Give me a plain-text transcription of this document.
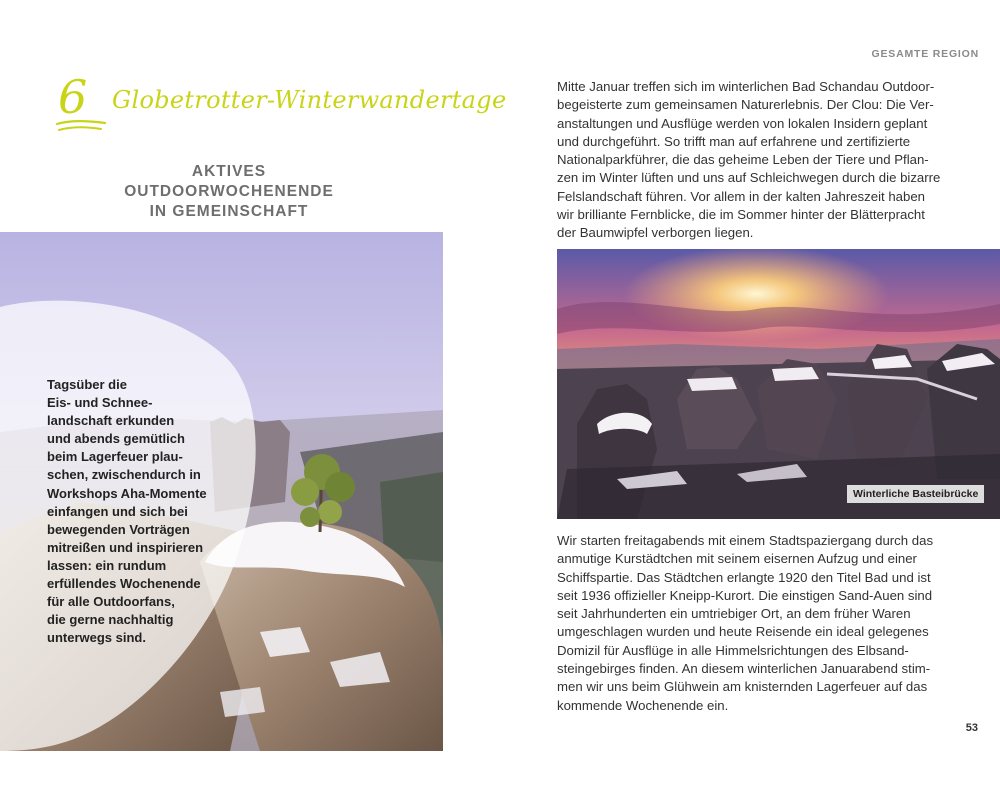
6 Globetrotter-Winterwandertage
AKTIVES OUTDOORWOCHENENDE
IN GEMEINSCHAFT
Tagsüber die
Eis- und Schnee-
landschaft erkunden
und abends gemütlich
beim Lagerfeuer plau-
schen, zwischendurch in
Workshops Aha-Momente
einfangen und sich bei
bewegenden Vorträgen
mitreißen und inspirieren
lassen: ein rundum
erfüllendes Wochenende
für alle Outdoorfans,
die gerne nachhaltig
unterwegs sind.
GESAMTE REGION
Mitte Januar treffen sich im winterlichen Bad Schandau Outdoor-
begeisterte zum gemeinsamen Naturerlebnis. Der Clou: Die Ver-
anstaltungen und Ausflüge werden von lokalen Insidern geplant
und durchgeführt. So trifft man auf erfahrene und zertifizierte
Nationalparkführer, die das geheime Leben der Tiere und Pflan-
zen im Winter lüften und uns auf Schleichwegen durch die bizarre
Felslandschaft führen. Vor allem in der kalten Jahreszeit haben
wir brilliante Fernblicke, die im Sommer hinter der Blätterpracht
der Baumwipfel verborgen liegen.
Winterliche Basteibrücke
Wir starten freitagabends mit einem Stadtspaziergang durch das
anmutige Kurstädtchen mit seinem eisernen Aufzug und einer
Schiffspartie. Das Städtchen erlangte 1920 den Titel Bad und ist
seit 1936 offizieller Kneipp-Kurort. Die einstigen Sand-Auen sind
seit Jahrhunderten ein umtriebiger Ort, an dem früher Waren
umgeschlagen wurden und heute Reisende ein ideal gelegenes
Domizil für Ausflüge in alle Himmelsrichtungen des Elbsand-
steingebirges finden. An diesem winterlichen Januarabend stim-
men wir uns beim Glühwein am knisternden Lagerfeuer auf das
kommende Wochenende ein.
53
